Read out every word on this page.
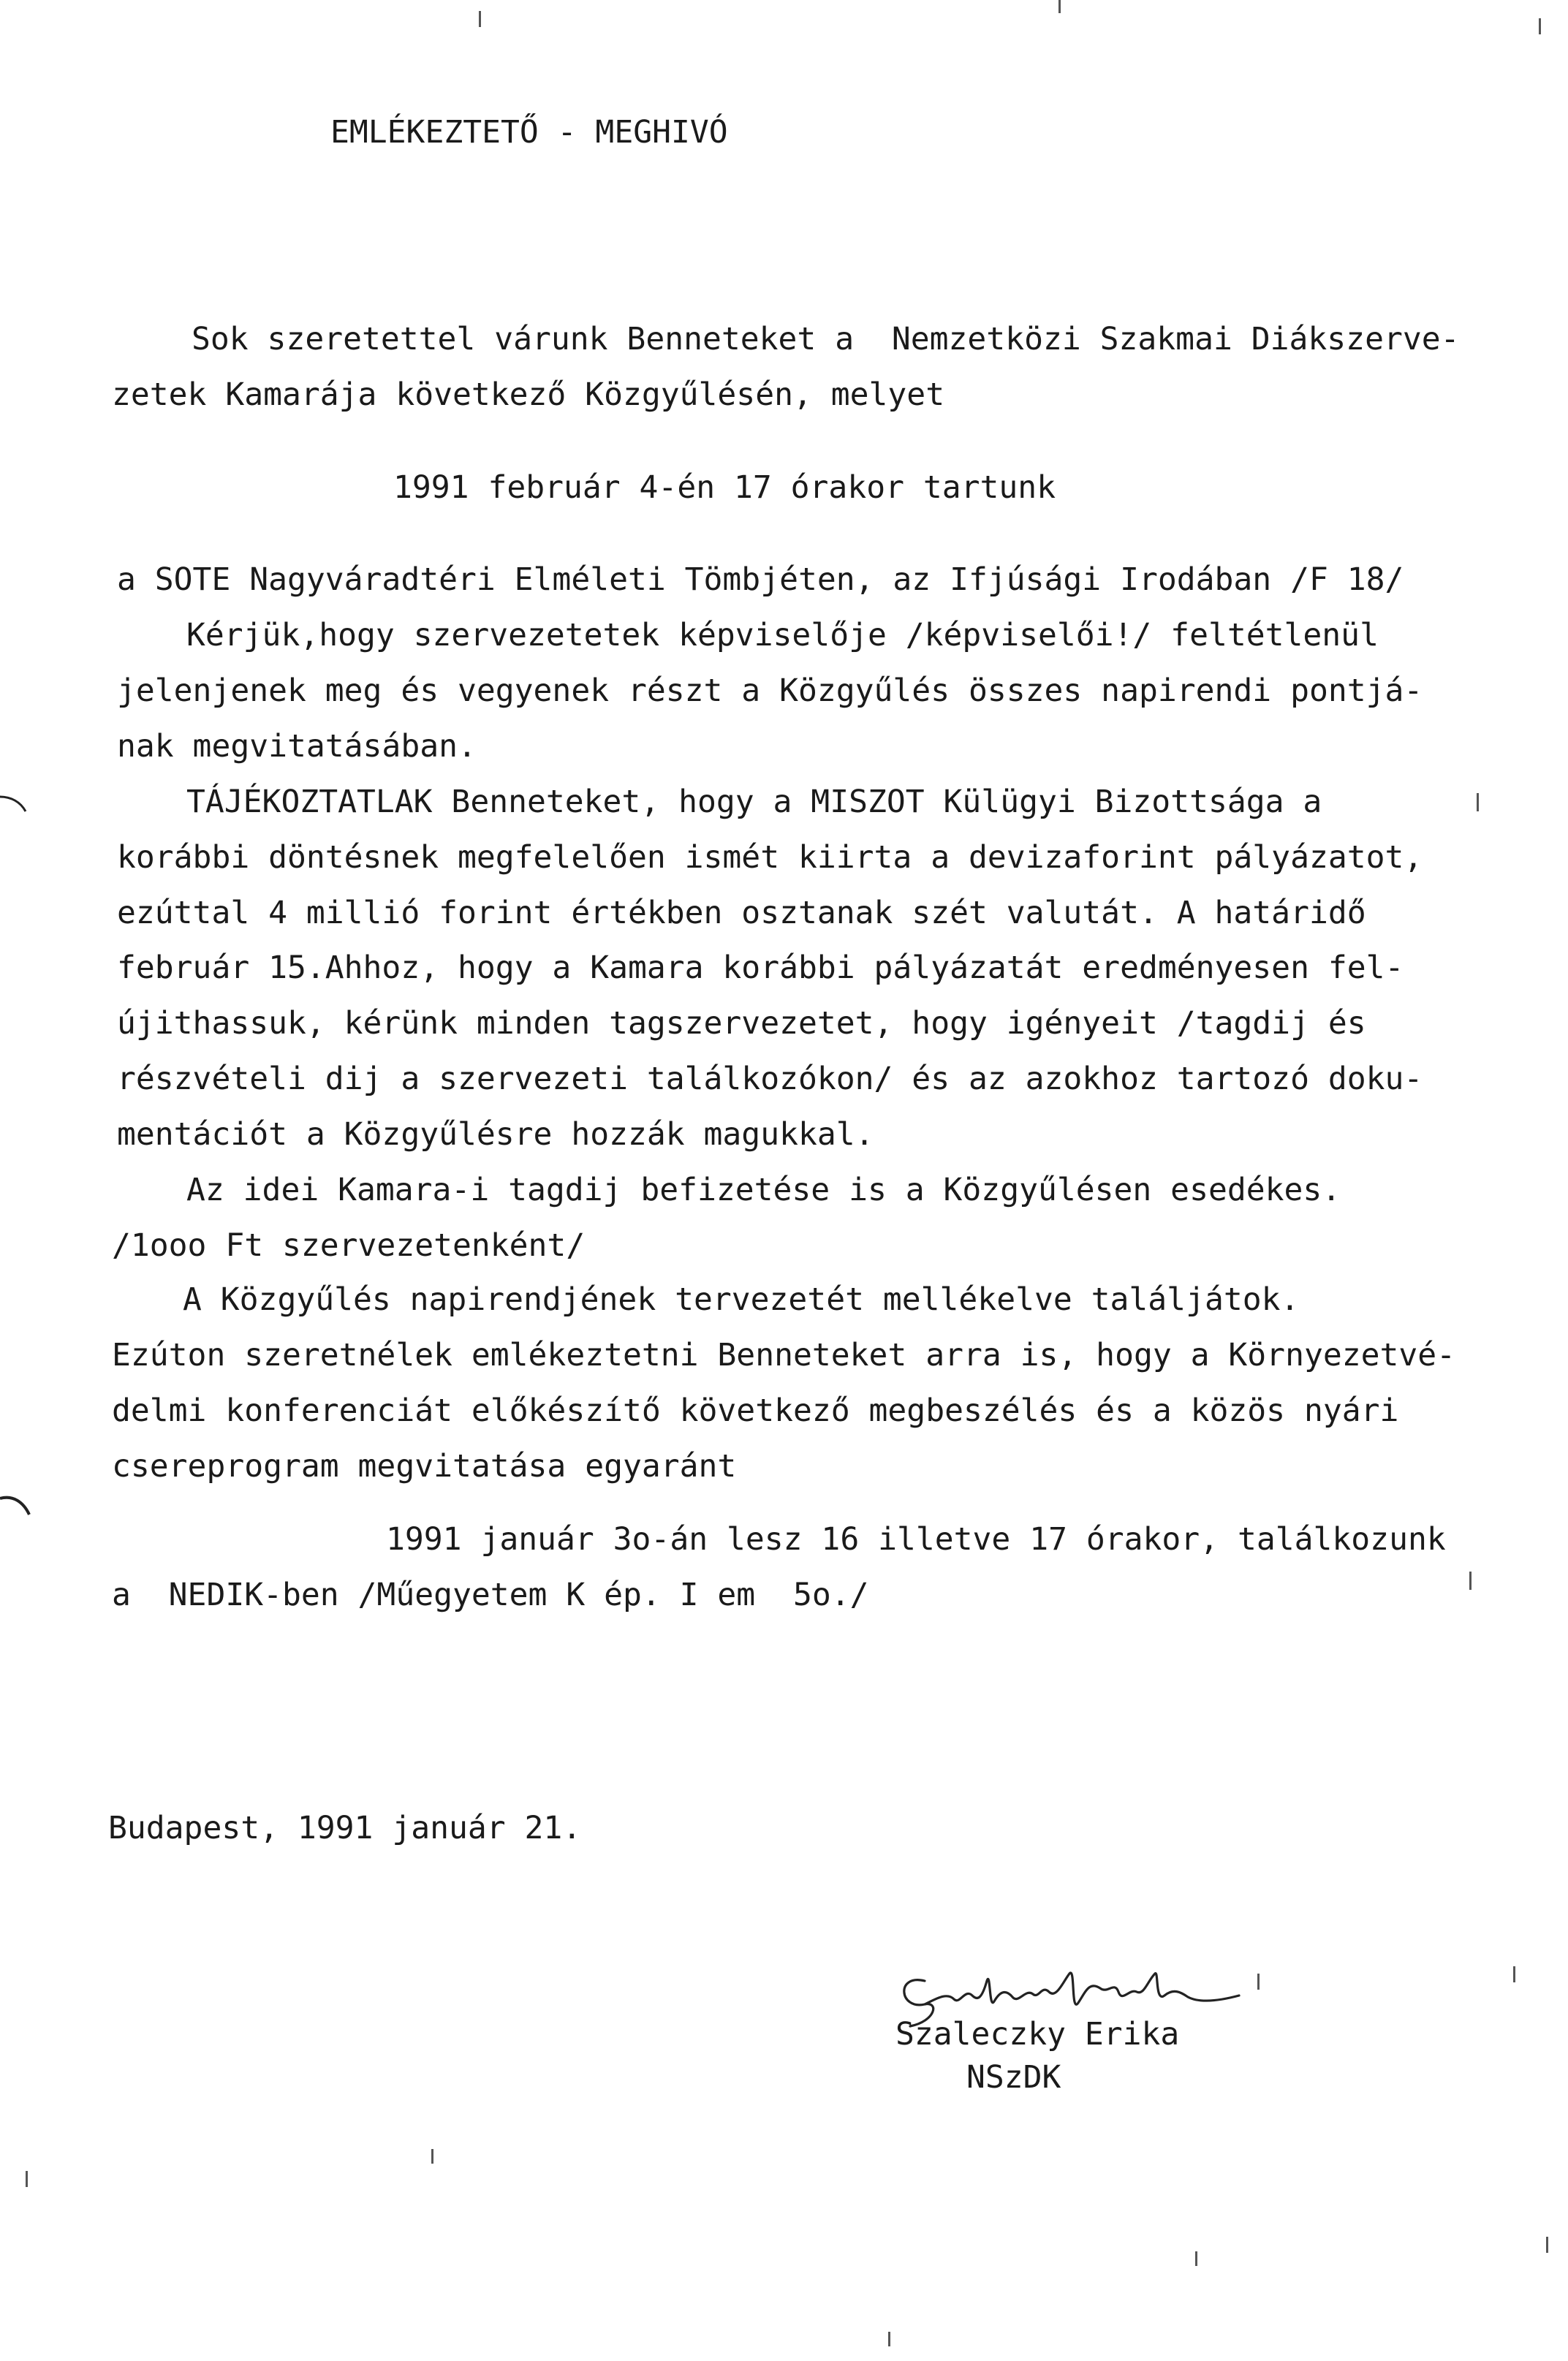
EMLÉKEZTETŐ - MEGHIVÓ
Sok szeretettel várunk Benneteket a  Nemzetközi Szakmai Diákszerve-
zetek Kamarája következő Közgyűlésén, melyet
1991 február 4-én 17 órakor tartunk
a SOTE Nagyváradtéri Elméleti Tömbjéten, az Ifjúsági Irodában /F 18/
Kérjük,hogy szervezetetek képviselője /képviselői!/ feltétlenül
jelenjenek meg és vegyenek részt a Közgyűlés összes napirendi pontjá-
nak megvitatásában.
TÁJÉKOZTATLAK Benneteket, hogy a MISZOT Külügyi Bizottsága a
korábbi döntésnek megfelelően ismét kiirta a devizaforint pályázatot,
ezúttal 4 millió forint értékben osztanak szét valutát. A határidő
február 15.Ahhoz, hogy a Kamara korábbi pályázatát eredményesen fel-
újithassuk, kérünk minden tagszervezetet, hogy igényeit /tagdij és
részvételi dij a szervezeti találkozókon/ és az azokhoz tartozó doku-
mentációt a Közgyűlésre hozzák magukkal.
Az idei Kamara-i tagdij befizetése is a Közgyűlésen esedékes.
/1ooo Ft szervezetenként/
A Közgyűlés napirendjének tervezetét mellékelve találjátok.
Ezúton szeretnélek emlékeztetni Benneteket arra is, hogy a Környezetvé-
delmi konferenciát előkészítő következő megbeszélés és a közös nyári
csereprogram megvitatása egyaránt
1991 január 3o-án lesz 16 illetve 17 órakor, találkozunk
a  NEDIK-ben /Műegyetem K ép. I em  5o./
Budapest, 1991 január 21.
Szaleczky Erika
NSzDK
